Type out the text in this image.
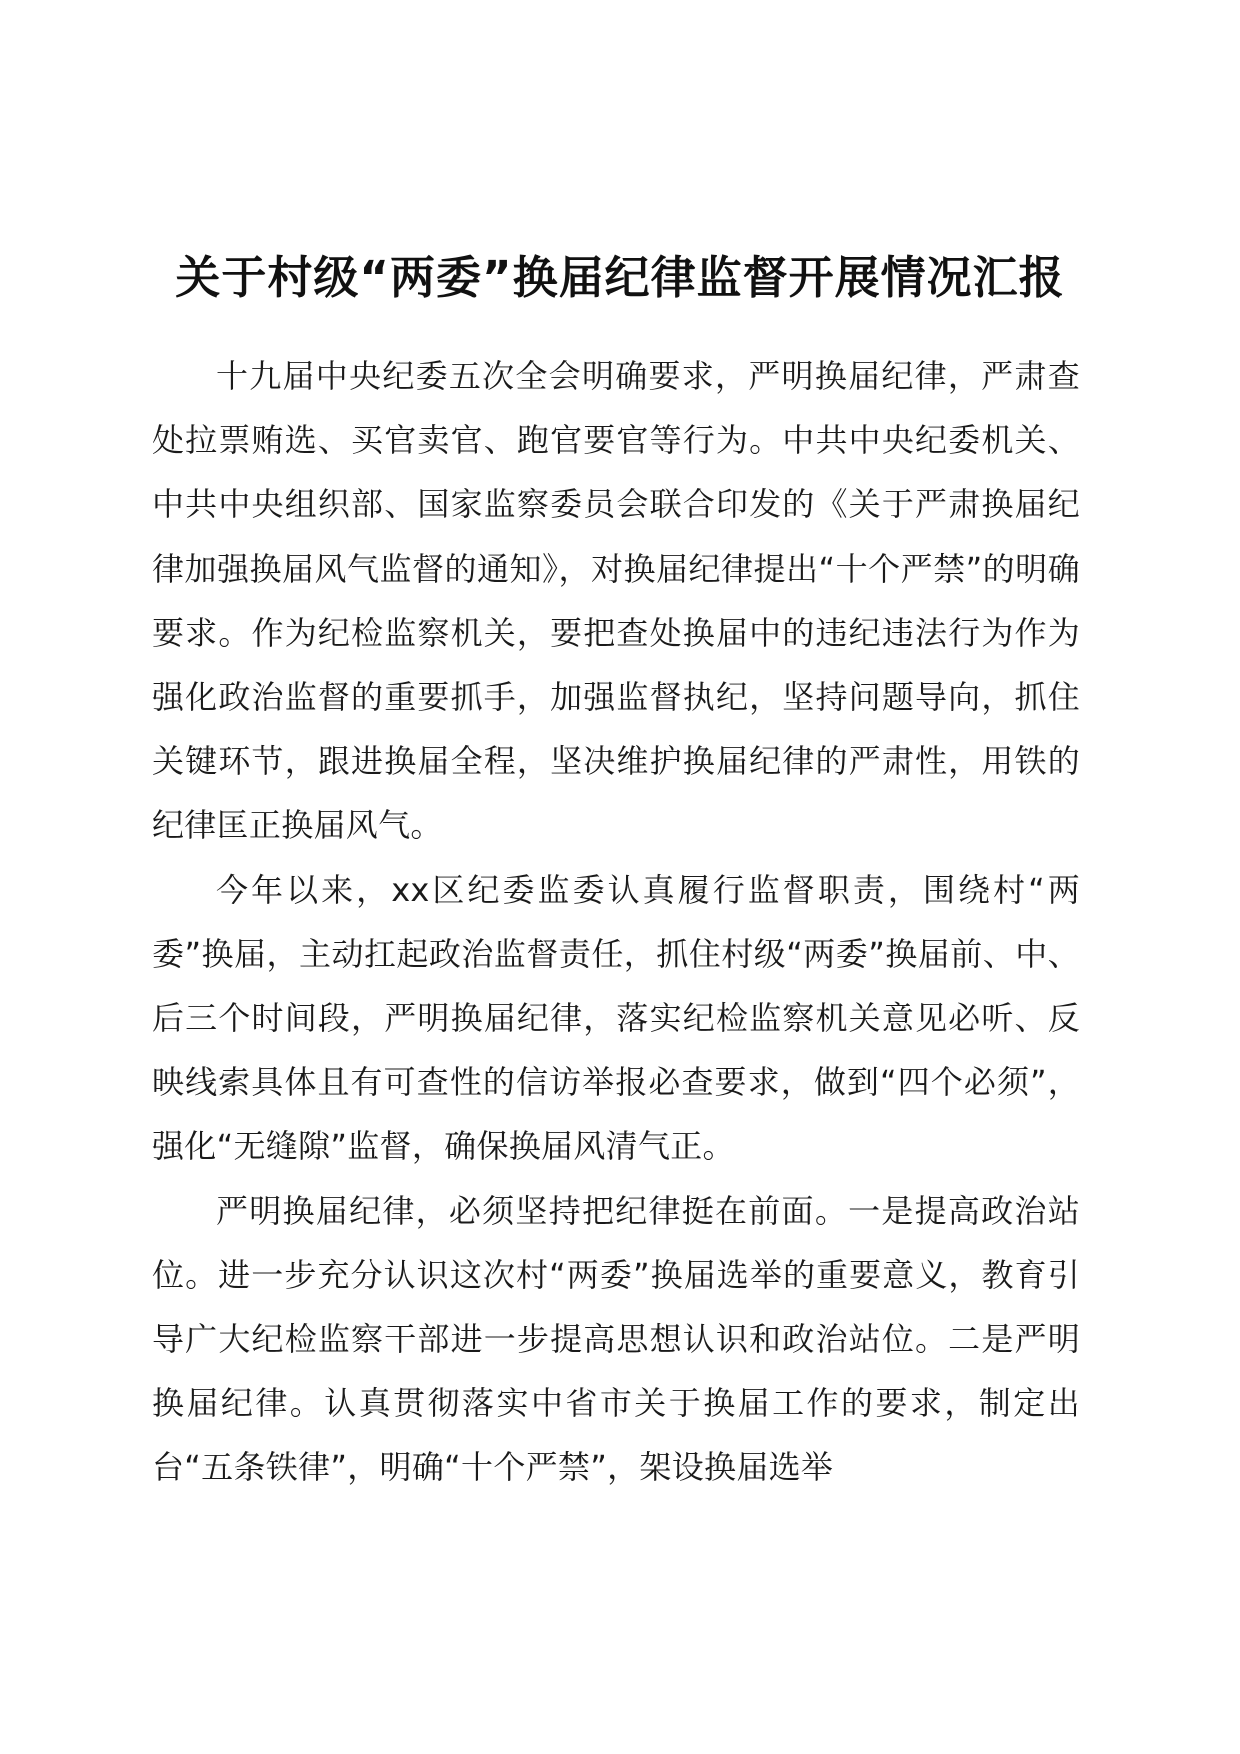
关于村级“两委”换届纪律监督开展情况汇报

十九届中央纪委五次全会明确要求，严明换届纪律，严肃查处拉票贿选、买官卖官、跑官要官等行为。中共中央纪委机关、中共中央组织部、国家监察委员会联合印发的《关于严肃换届纪律加强换届风气监督的通知》，对换届纪律提出“十个严禁”的明确要求。作为纪检监察机关，要把查处换届中的违纪违法行为作为强化政治监督的重要抓手，加强监督执纪，坚持问题导向，抓住关键环节，跟进换届全程，坚决维护换届纪律的严肃性，用铁的纪律匡正换届风气。

今年以来，xx区纪委监委认真履行监督职责，围绕村“两委”换届，主动扛起政治监督责任，抓住村级“两委”换届前、中、后三个时间段，严明换届纪律，落实纪检监察机关意见必听、反映线索具体且有可查性的信访举报必查要求，做到“四个必须”，强化“无缝隙”监督，确保换届风清气正。

严明换届纪律，必须坚持把纪律挺在前面。一是提高政治站位。进一步充分认识这次村“两委”换届选举的重要意义，教育引导广大纪检监察干部进一步提高思想认识和政治站位。二是严明换届纪律。认真贯彻落实中省市关于换届工作的要求，制定出台“五条铁律”，明确“十个严禁”，架设换届选举
